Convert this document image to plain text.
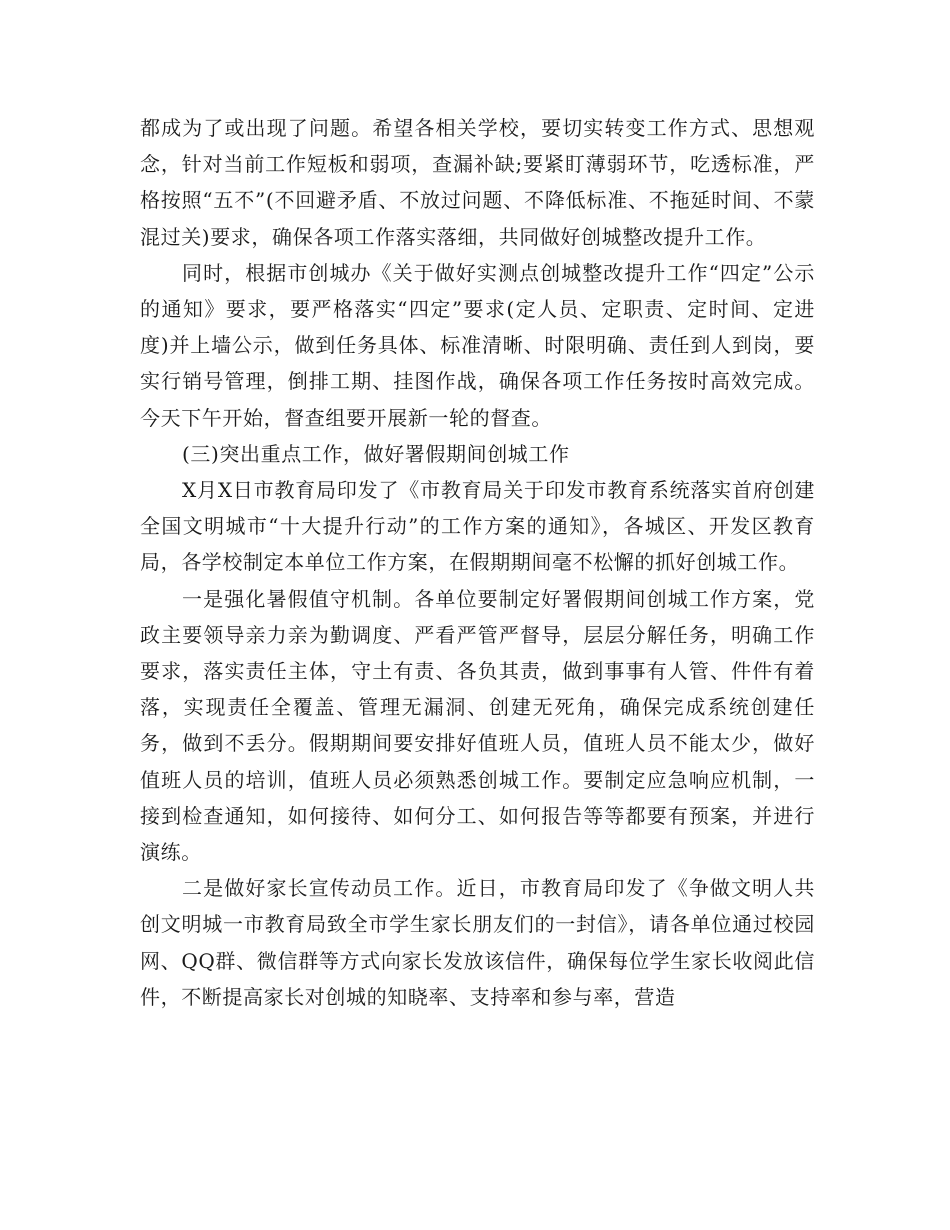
都成为了或出现了问题。希望各相关学校，要切实转变工作方式、思想观念，针对当前工作短板和弱项，查漏补缺;要紧盯薄弱环节，吃透标准，严格按照“五不”(不回避矛盾、不放过问题、不降低标准、不拖延时间、不蒙混过关)要求，确保各项工作落实落细，共同做好创城整改提升工作。

同时，根据市创城办《关于做好实测点创城整改提升工作“四定”公示的通知》要求，要严格落实“四定”要求(定人员、定职责、定时间、定进度)并上墙公示，做到任务具体、标准清晰、时限明确、责任到人到岗，要实行销号管理，倒排工期、挂图作战，确保各项工作任务按时高效完成。今天下午开始，督查组要开展新一轮的督查。

(三)突出重点工作，做好署假期间创城工作

X月X日市教育局印发了《市教育局关于印发市教育系统落实首府创建全国文明城市“十大提升行动”的工作方案的通知》，各城区、开发区教育局，各学校制定本单位工作方案，在假期期间毫不松懈的抓好创城工作。

一是强化暑假值守机制。各单位要制定好署假期间创城工作方案，党政主要领导亲力亲为勤调度、严看严管严督导，层层分解任务，明确工作要求，落实责任主体，守土有责、各负其责，做到事事有人管、件件有着落，实现责任全覆盖、管理无漏洞、创建无死角，确保完成系统创建任务，做到不丢分。假期期间要安排好值班人员，值班人员不能太少，做好值班人员的培训，值班人员必须熟悉创城工作。要制定应急响应机制，一接到检查通知，如何接待、如何分工、如何报告等等都要有预案，并进行演练。

二是做好家长宣传动员工作。近日，市教育局印发了《争做文明人共创文明城一市教育局致全市学生家长朋友们的一封信》，请各单位通过校园网、QQ群、微信群等方式向家长发放该信件，确保每位学生家长收阅此信件，不断提高家长对创城的知晓率、支持率和参与率，营造
